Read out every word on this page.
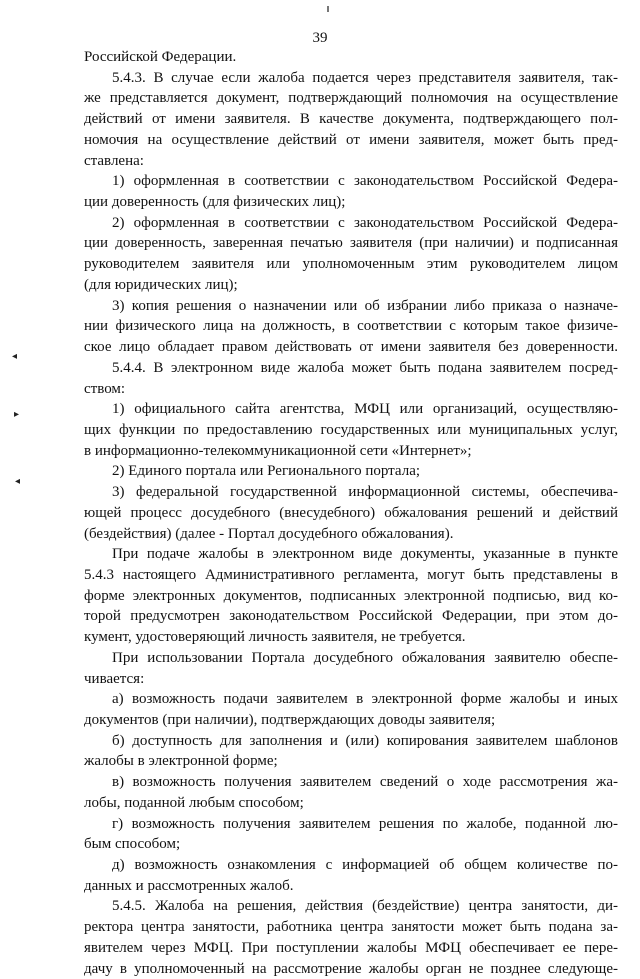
39
Российской Федерации.
5.4.3. В случае если жалоба подается через представителя заявителя, так-
же представляется документ, подтверждающий полномочия на осуществление
действий от имени заявителя. В качестве документа, подтверждающего пол-
номочия на осуществление действий от имени заявителя, может быть пред-
ставлена:
1) оформленная в соответствии с законодательством Российской Федера-
ции доверенность (для физических лиц);
2) оформленная в соответствии с законодательством Российской Федера-
ции доверенность, заверенная печатью заявителя (при наличии) и подписанная
руководителем заявителя или уполномоченным этим руководителем лицом
(для юридических лиц);
3) копия решения о назначении или об избрании либо приказа о назначе-
нии физического лица на должность, в соответствии с которым такое физиче-
ское лицо обладает правом действовать от имени заявителя без доверенности.
5.4.4. В электронном виде жалоба может быть подана заявителем посред-
ством:
1) официального сайта агентства, МФЦ или организаций, осуществляю-
щих функции по предоставлению государственных или муниципальных услуг,
в информационно-телекоммуникационной сети «Интернет»;
2) Единого портала или Регионального портала;
3) федеральной государственной информационной системы, обеспечива-
ющей процесс досудебного (внесудебного) обжалования решений и действий
(бездействия) (далее - Портал досудебного обжалования).
При подаче жалобы в электронном виде документы, указанные в пункте
5.4.3 настоящего Административного регламента, могут быть представлены в
форме электронных документов, подписанных электронной подписью, вид ко-
торой предусмотрен законодательством Российской Федерации, при этом до-
кумент, удостоверяющий личность заявителя, не требуется.
При использовании Портала досудебного обжалования заявителю обеспе-
чивается:
а) возможность подачи заявителем в электронной форме жалобы и иных
документов (при наличии), подтверждающих доводы заявителя;
б) доступность для заполнения и (или) копирования заявителем шаблонов
жалобы в электронной форме;
в) возможность получения заявителем сведений о ходе рассмотрения жа-
лобы, поданной любым способом;
г) возможность получения заявителем решения по жалобе, поданной лю-
бым способом;
д) возможность ознакомления с информацией об общем количестве по-
данных и рассмотренных жалоб.
5.4.5. Жалоба на решения, действия (бездействие) центра занятости, ди-
ректора центра занятости, работника центра занятости может быть подана за-
явителем через МФЦ. При поступлении жалобы МФЦ обеспечивает ее пере-
дачу в уполномоченный на рассмотрение жалобы орган не позднее следующе-
◂
▸
◂
